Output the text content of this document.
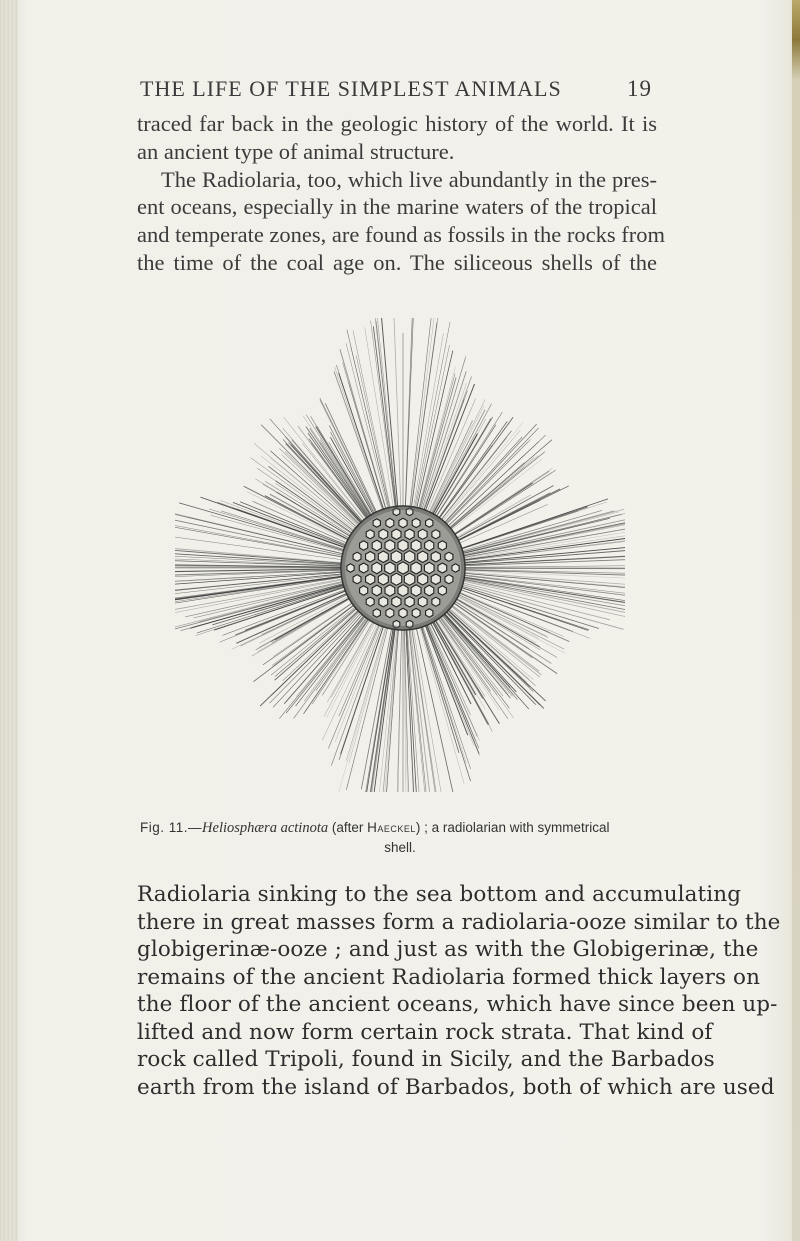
THE LIFE OF THE SIMPLEST ANIMALS	19
traced far back in the geologic history of the world. It is
an ancient type of animal structure.
The Radiolaria, too, which live abundantly in the pres-
ent oceans, especially in the marine waters of the tropical
and temperate zones, are found as fossils in the rocks from
the time of the coal age on. The siliceous shells of the
Fig. 11.—Heliosphæra actinota (after Haeckel) ; a radiolarian with symmetrical
shell.
Radiolaria sinking to the sea bottom and accumulating
there in great masses form a radiolaria-ooze similar to the
globigerinæ-ooze ; and just as with the Globigerinæ, the
remains of the ancient Radiolaria formed thick layers on
the floor of the ancient oceans, which have since been up-
lifted and now form certain rock strata. That kind of
rock called Tripoli, found in Sicily, and the Barbados
earth from the island of Barbados, both of which are used
